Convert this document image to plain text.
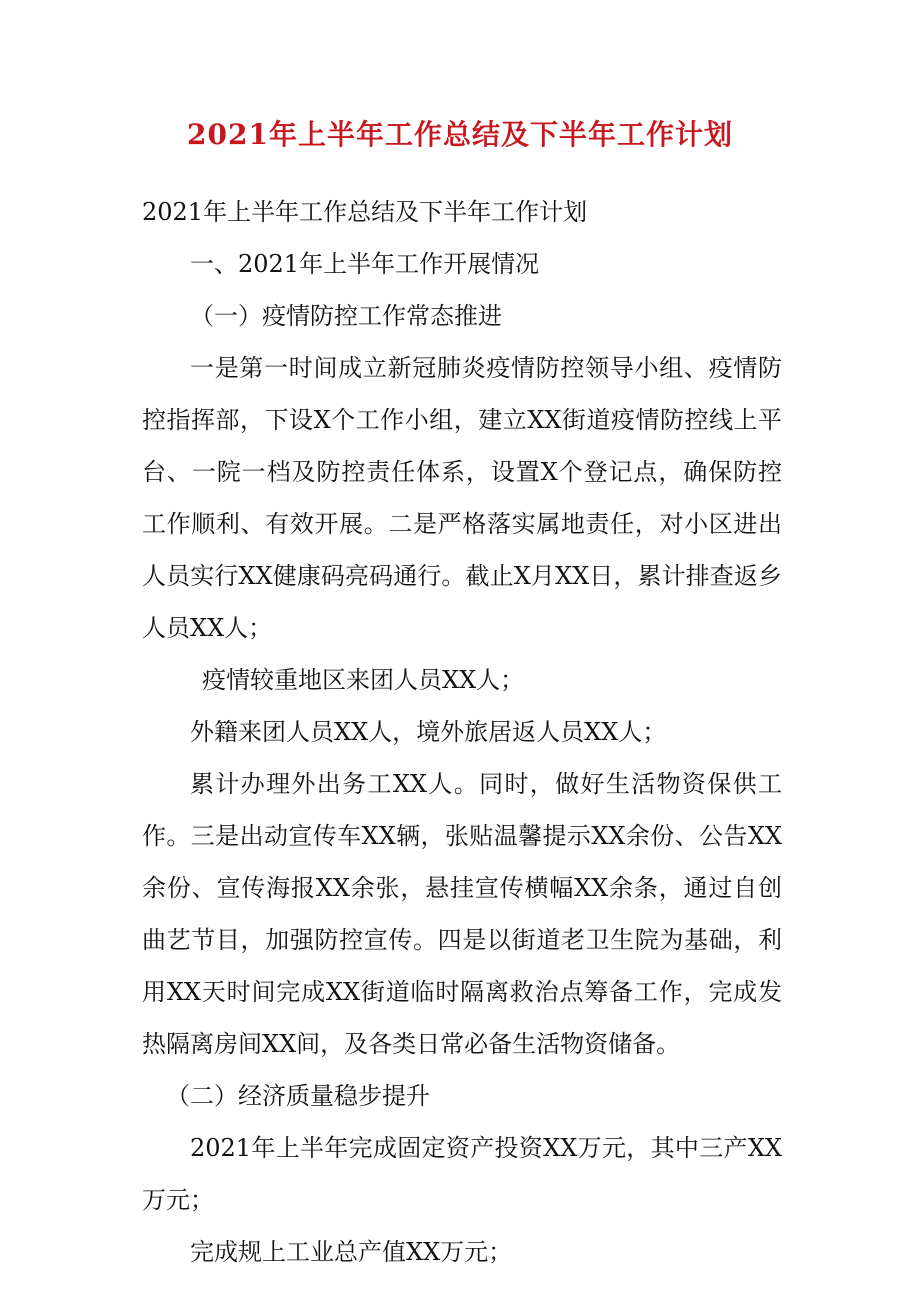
2021年上半年工作总结及下半年工作计划

2021年上半年工作总结及下半年工作计划

一、2021年上半年工作开展情况

（一）疫情防控工作常态推进

一是第一时间成立新冠肺炎疫情防控领导小组、疫情防控指挥部，下设X个工作小组，建立XX街道疫情防控线上平台、一院一档及防控责任体系，设置X个登记点，确保防控工作顺利、有效开展。二是严格落实属地责任，对小区进出人员实行XX健康码亮码通行。截止X月XX日，累计排查返乡人员XX人；

疫情较重地区来团人员XX人；

外籍来团人员XX人，境外旅居返人员XX人；

累计办理外出务工XX人。同时，做好生活物资保供工作。三是出动宣传车XX辆，张贴温馨提示XX余份、公告XX余份、宣传海报XX余张，悬挂宣传横幅XX余条，通过自创曲艺节目，加强防控宣传。四是以街道老卫生院为基础，利用XX天时间完成XX街道临时隔离救治点筹备工作，完成发热隔离房间XX间，及各类日常必备生活物资储备。

（二）经济质量稳步提升

2021年上半年完成固定资产投资XX万元，其中三产XX万元；

完成规上工业总产值XX万元；
